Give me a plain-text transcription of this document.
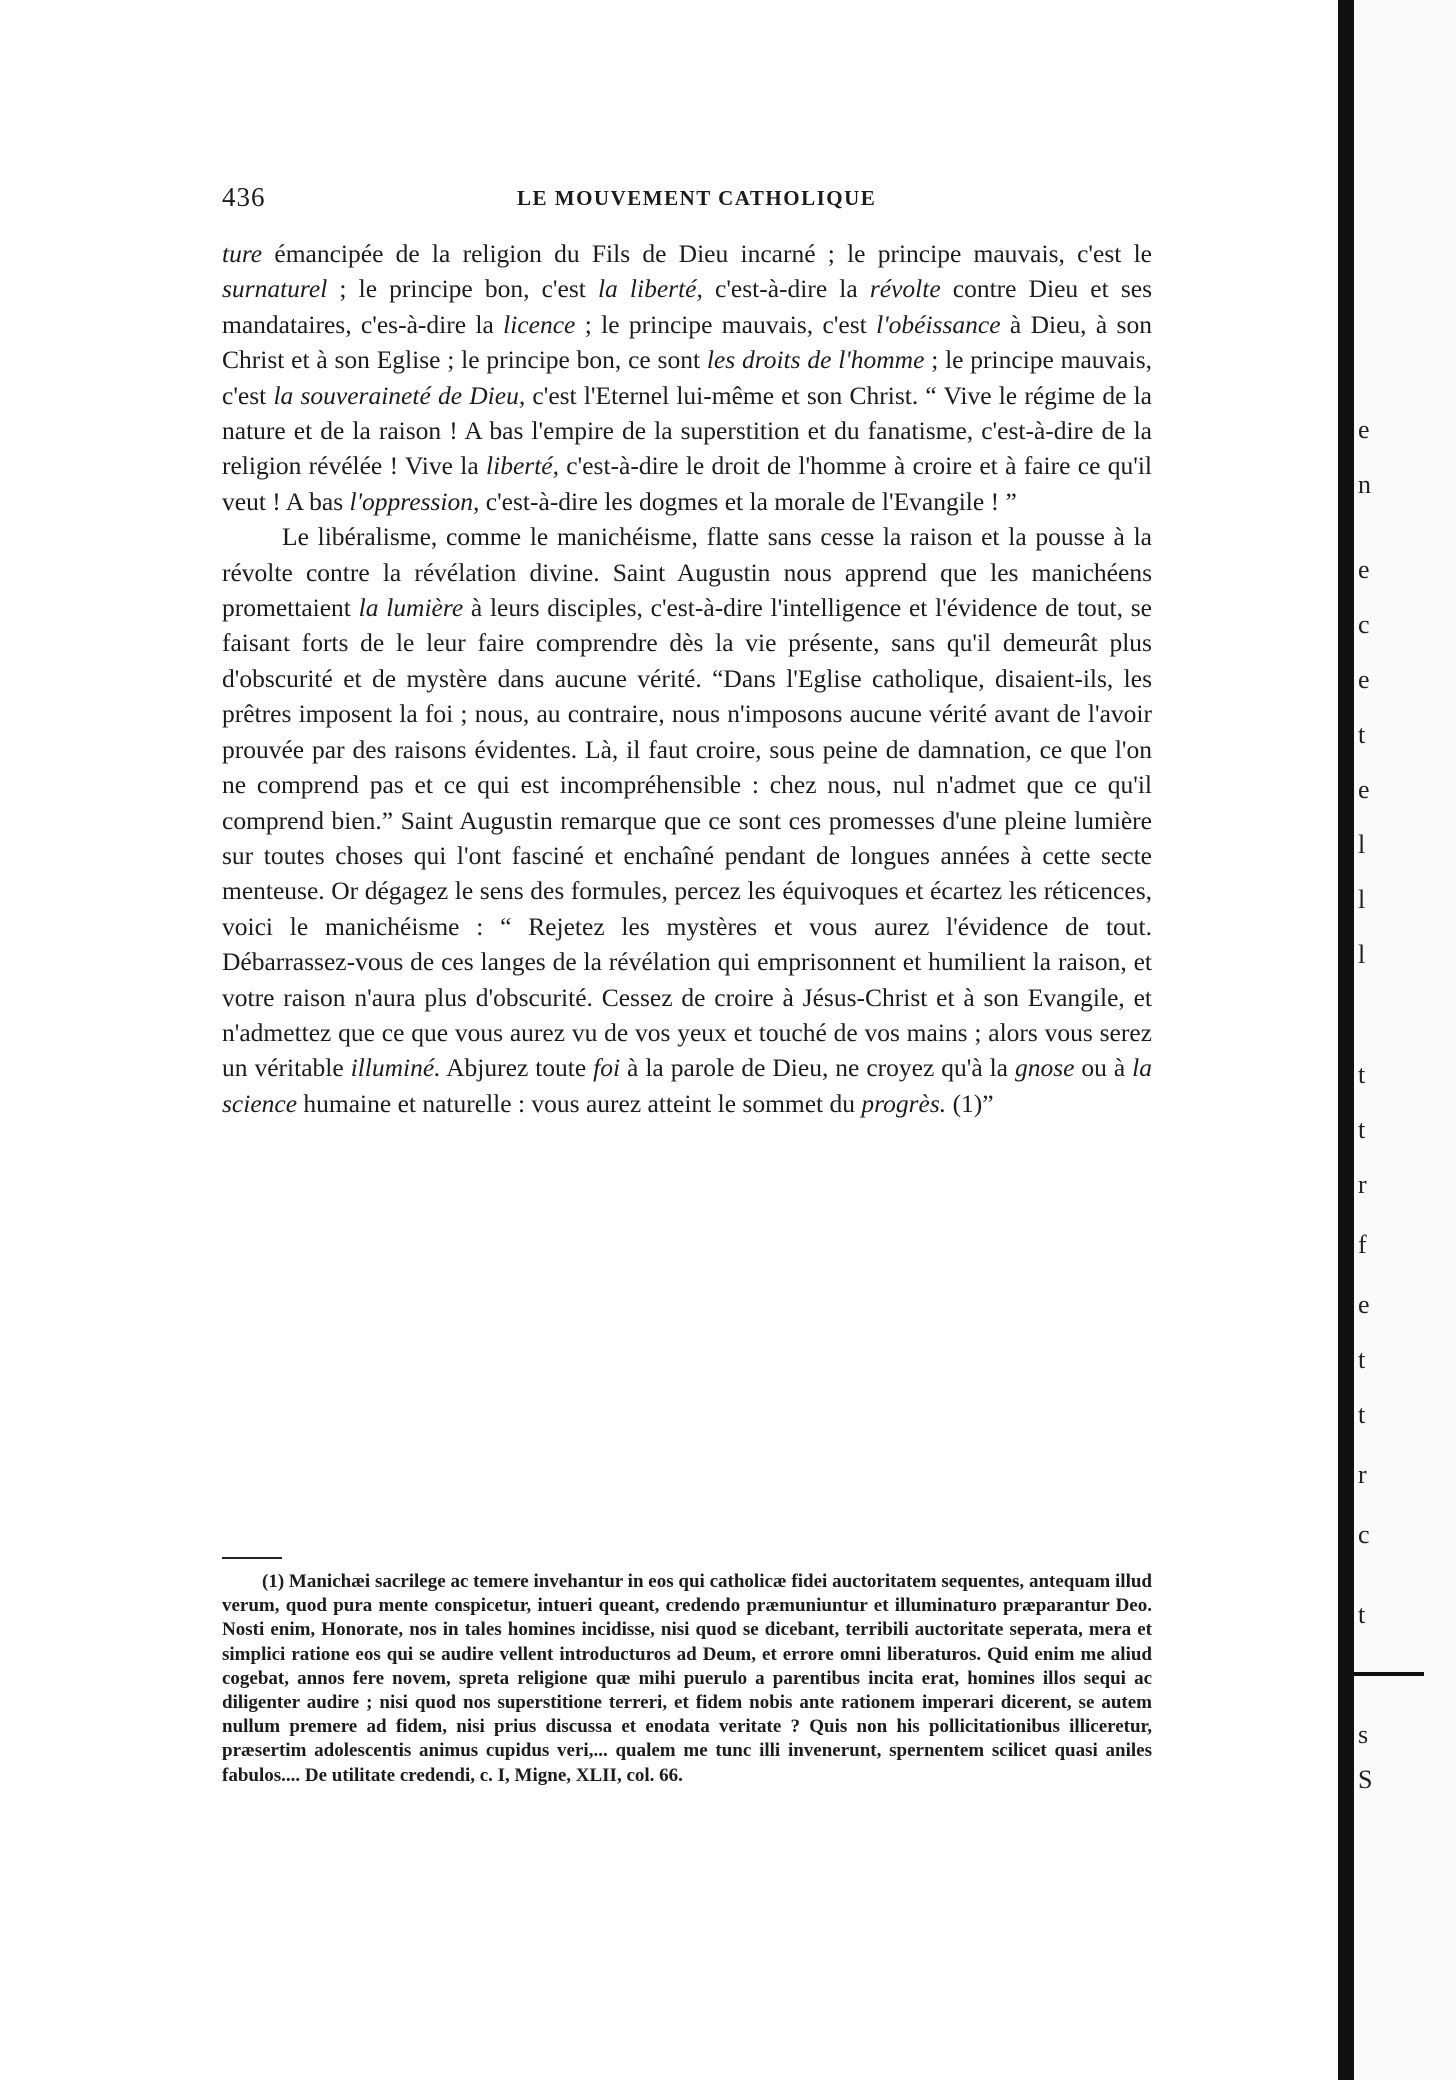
436	LE MOUVEMENT CATHOLIQUE

ture émancipée de la religion du Fils de Dieu incarné ; le principe mauvais, c'est le surnaturel ; le principe bon, c'est la liberté, c'est-à-dire la révolte contre Dieu et ses mandataires, c'es-à-dire la licence ; le principe mauvais, c'est l'obéissance à Dieu, à son Christ et à son Eglise ; le principe bon, ce sont les droits de l'homme ; le principe mauvais, c'est la souveraineté de Dieu, c'est l'Eternel lui-même et son Christ. “ Vive le régime de la nature et de la raison ! A bas l'empire de la superstition et du fanatisme, c'est-à-dire de la religion révélée ! Vive la liberté, c'est-à-dire le droit de l'homme à croire et à faire ce qu'il veut ! A bas l'oppression, c'est-à-dire les dogmes et la morale de l'Evangile ! ”

Le libéralisme, comme le manichéisme, flatte sans cesse la raison et la pousse à la révolte contre la révélation divine. Saint Augustin nous apprend que les manichéens promettaient la lumière à leurs disciples, c'est-à-dire l'intelligence et l'évidence de tout, se faisant forts de le leur faire comprendre dès la vie présente, sans qu'il demeurât plus d'obscurité et de mystère dans aucune vérité. “Dans l'Eglise catholique, disaient-ils, les prêtres imposent la foi ; nous, au contraire, nous n'imposons aucune vérité avant de l'avoir prouvée par des raisons évidentes. Là, il faut croire, sous peine de damnation, ce que l'on ne comprend pas et ce qui est incompréhensible : chez nous, nul n'admet que ce qu'il comprend bien.” Saint Augustin remarque que ce sont ces promesses d'une pleine lumière sur toutes choses qui l'ont fasciné et enchaîné pendant de longues années à cette secte menteuse. Or dégagez le sens des formules, percez les équivoques et écartez les réticences, voici le manichéisme : “ Rejetez les mystères et vous aurez l'évidence de tout. Débarrassez-vous de ces langes de la révélation qui emprisonnent et humilient la raison, et votre raison n'aura plus d'obscurité. Cessez de croire à Jésus-Christ et à son Evangile, et n'admettez que ce que vous aurez vu de vos yeux et touché de vos mains ; alors vous serez un véritable illuminé. Abjurez toute foi à la parole de Dieu, ne croyez qu'à la gnose ou à la science humaine et naturelle : vous aurez atteint le sommet du progrès. (1)”

(1) Manichæi sacrilege ac temere invehantur in eos qui catholicæ fidei auctoritatem sequentes, antequam illud verum, quod pura mente conspicetur, intueri queant, credendo præmuniuntur et illuminaturo præparantur Deo. Nosti enim, Honorate, nos in tales homines incidisse, nisi quod se dicebant, terribili auctoritate seperata, mera et simplici ratione eos qui se audire vellent introducturos ad Deum, et errore omni liberaturos. Quid enim me aliud cogebat, annos fere novem, spreta religione quæ mihi puerulo a parentibus incita erat, homines illos sequi ac diligenter audire ; nisi quod nos superstitione terreri, et fidem nobis ante rationem imperari dicerent, se autem nullum premere ad fidem, nisi prius discussa et enodata veritate ? Quis non his pollicitationibus illiceretur, præsertim adolescentis animus cupidus veri,... qualem me tunc illi invenerunt, spernentem scilicet quasi aniles fabulos.... De utilitate credendi, c. I, Migne, XLII, col. 66.

e
n
e
c
e
t
e
l
l
l
t
t
r
f
e
t
t
r
c
t
s
S
